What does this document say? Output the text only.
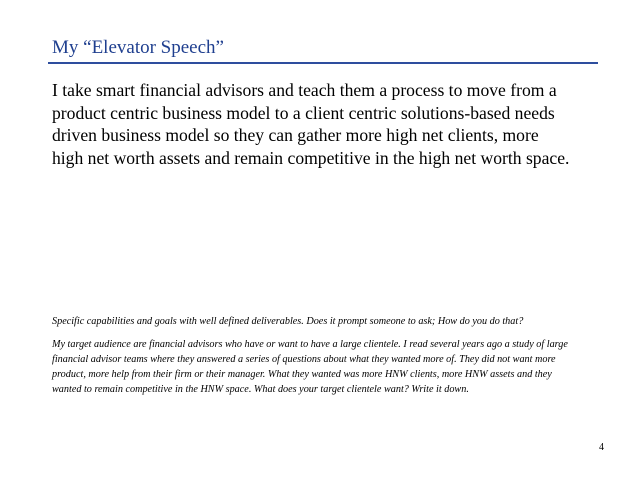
My “Elevator Speech”
I take smart financial advisors and teach them a process to move from a product centric business model to a client centric solutions-based needs driven business model so they can gather more high net clients, more high net worth assets and remain competitive in the high net worth space.

Specific capabilities and goals with well defined deliverables. Does it prompt someone to ask; How do you do that?

My target audience are financial advisors who have or want to have a large clientele. I read several years ago a study of large financial advisor teams where they answered a series of questions about what they wanted more of. They did not want more product, more help from their firm or their manager. What they wanted was more HNW clients, more HNW assets and they wanted to remain competitive in the HNW space. What does your target clientele want? Write it down.

4
